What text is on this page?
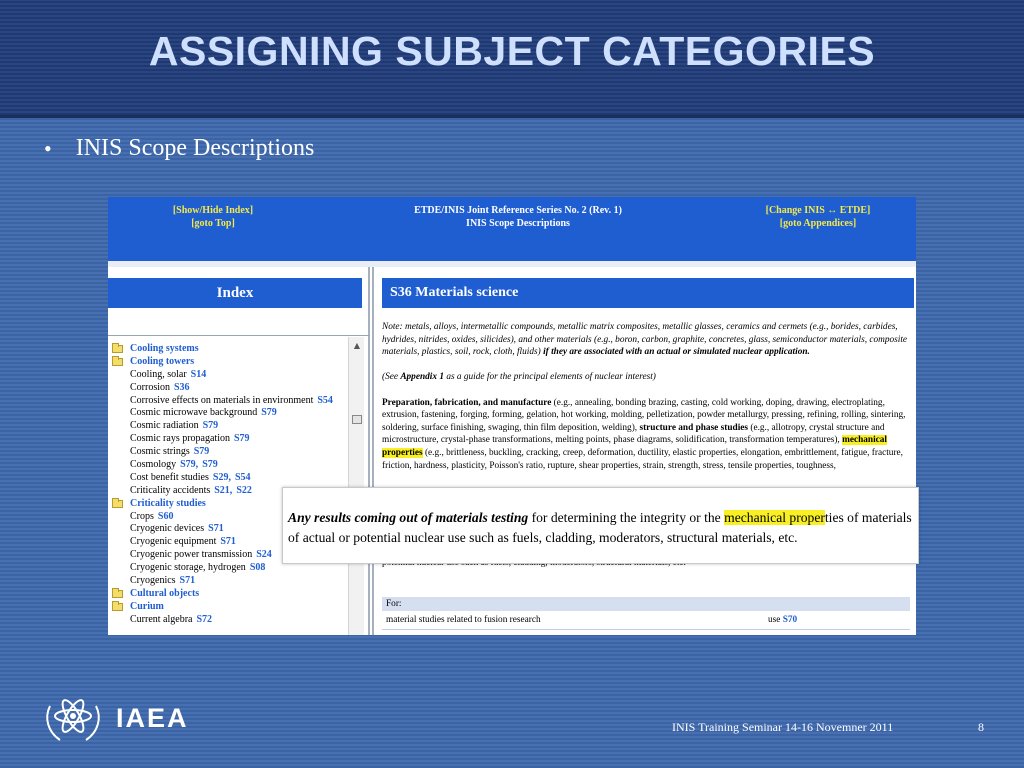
ASSIGNING SUBJECT CATEGORIES
• INIS Scope Descriptions
[Show/Hide Index]
[goto Top]
ETDE/INIS Joint Reference Series No. 2 (Rev. 1)
INIS Scope Descriptions
[Change INIS ↔ ETDE]
[goto Appendices]
Index
Cooling systems
Cooling towers
Cooling, solar S14
Corrosion S36
Corrosive effects on materials in environment S54
Cosmic microwave background S79
Cosmic radiation S79
Cosmic rays propagation S79
Cosmic strings S79
Cosmology S79, S79
Cost benefit studies S29, S54
Criticality accidents S21, S22
Criticality studies
Crops S60
Cryogenic devices S71
Cryogenic equipment S71
Cryogenic power transmission S24
Cryogenic storage, hydrogen S08
Cryogenics S71
Cultural objects
Curium
Current algebra S72
▲
S36 Materials science

Note: metals, alloys, intermetallic compounds, metallic matrix composites, metallic glasses, ceramics and cermets (e.g., borides, carbides, hydrides, nitrides, oxides, silicides), and other materials (e.g., boron, carbon, graphite, concretes, glass, semiconductor materials, composite materials, plastics, soil, rock, cloth, fluids) if they are associated with an actual or simulated nuclear application.

(See Appendix 1 as a guide for the principal elements of nuclear interest)

Preparation, fabrication, and manufacture (e.g., annealing, bonding brazing, casting, cold working, doping, drawing, electroplating, extrusion, fastening, forging, forming, gelation, hot working, molding, pelletization, powder metallurgy, pressing, refining, rolling, sintering, soldering, surface finishing, swaging, thin film deposition, welding), structure and phase studies (e.g., allotropy, crystal structure and microstructure, crystal-phase transformations, melting points, phase diagrams, solidification, transformation temperatures), mechanical properties (e.g., brittleness, buckling, cracking, creep, deformation, ductility, elastic properties, elongation, embrittlement, fatigue, fracture, friction, hardness, plasticity, Poisson's ratio, rupture, shear properties, strain, strength, stress, tensile properties, toughness,

For:
material studies related to fusion research	use S70
Any results coming out of materials testing for determining the integrity or the mechanical properties of materials of actual or potential nuclear use such as fuels, cladding, moderators, structural materials, etc.
IAEA	INIS Training Seminar 14-16 Novemner 2011	8
